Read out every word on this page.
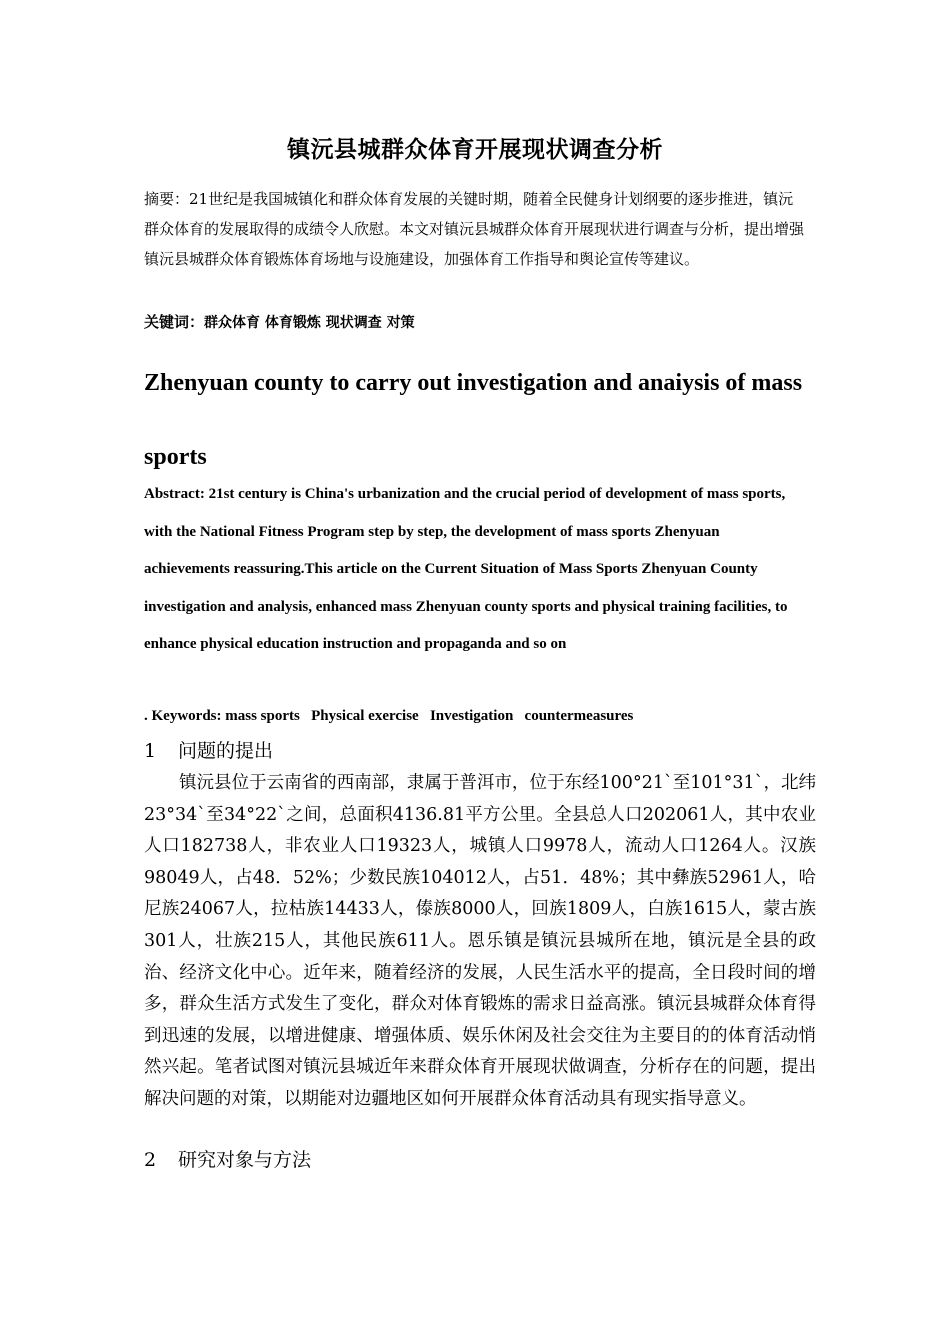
镇沅县城群众体育开展现状调查分析

摘要：21世纪是我国城镇化和群众体育发展的关键时期，随着全民健身计划纲要的逐步推进，镇沅群众体育的发展取得的成绩令人欣慰。本文对镇沅县城群众体育开展现状进行调查与分析，提出增强镇沅县城群众体育锻炼体育场地与设施建设，加强体育工作指导和舆论宣传等建议。

关键词：群众体育 体育锻炼 现状调查 对策
Zhenyuan county to carry out investigation and anaiysis of mass sports

Abstract: 21st century is China's urbanization and the crucial period of development of mass sports, with the National Fitness Program step by step, the development of mass sports Zhenyuan achievements reassuring.This article on the Current Situation of Mass Sports Zhenyuan County investigation and analysis, enhanced mass Zhenyuan county sports and physical training facilities, to enhance physical education instruction and propaganda and so on

. Keywords: mass sports   Physical exercise   Investigation   countermeasures
1 问题的提出

镇沅县位于云南省的西南部，隶属于普洱市，位于东经100°21`至101°31`，北纬23°34`至34°22`之间，总面积4136.81平方公里。全县总人口202061人，其中农业人口182738人，非农业人口19323人，城镇人口9978人，流动人口1264人。汉族98049人，占48．52%；少数民族104012人，占51．48%；其中彝族52961人，哈尼族24067人，拉枯族14433人，傣族8000人，回族1809人，白族1615人，蒙古族301人，壮族215人，其他民族611人。恩乐镇是镇沅县城所在地，镇沅是全县的政治、经济文化中心。近年来，随着经济的发展，人民生活水平的提高，全日段时间的增多，群众生活方式发生了变化，群众对体育锻炼的需求日益高涨。镇沅县城群众体育得到迅速的发展，以增进健康、增强体质、娱乐休闲及社会交往为主要目的的体育活动悄然兴起。笔者试图对镇沅县城近年来群众体育开展现状做调查，分析存在的问题，提出解决问题的对策，以期能对边疆地区如何开展群众体育活动具有现实指导意义。

2 研究对象与方法
